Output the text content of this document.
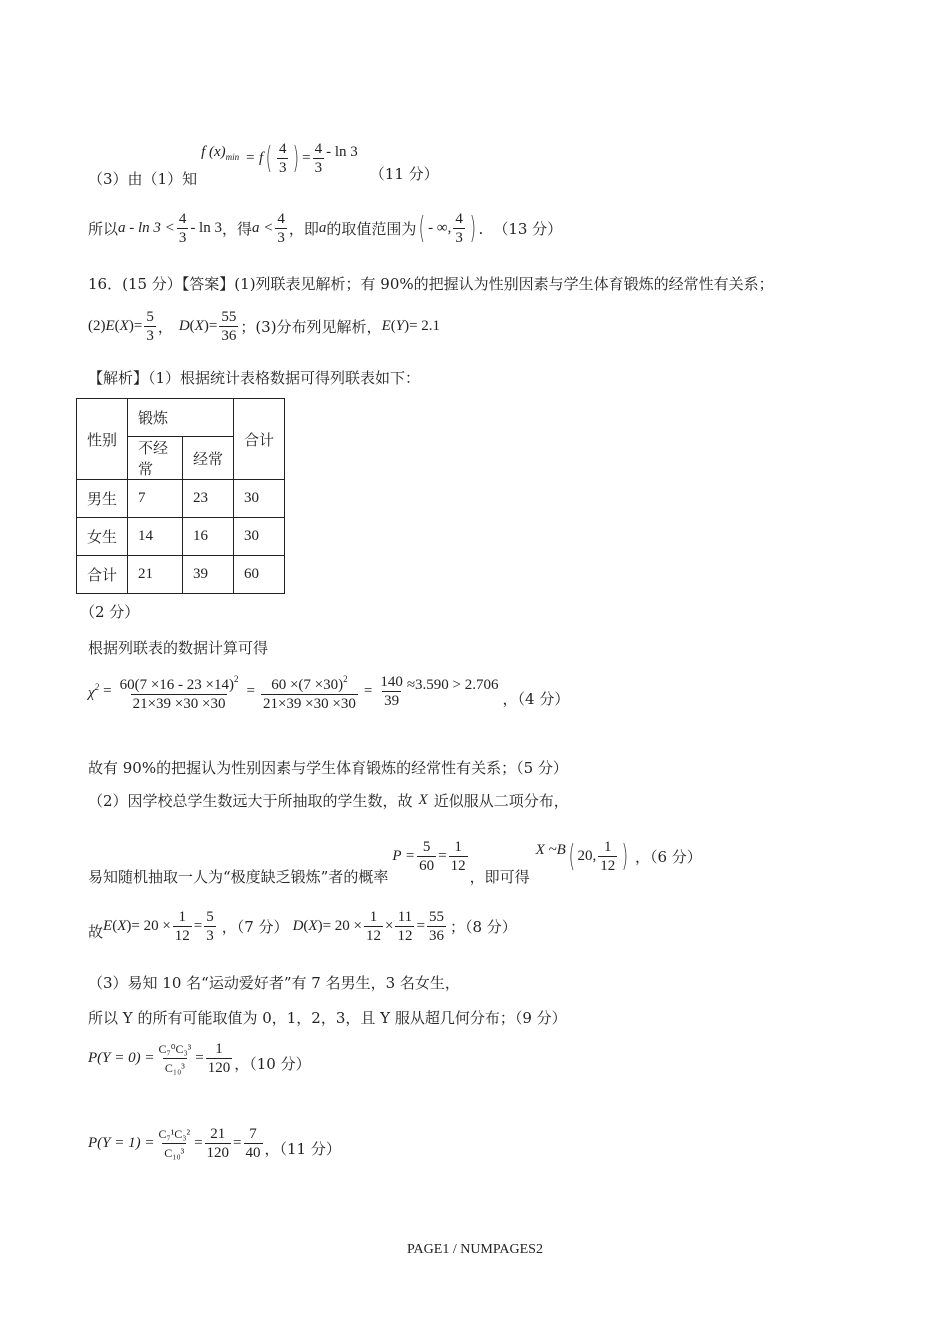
（3）由（1）知
f $(x)_{min} = f$ ( $\frac{4}{3}$ ) = $\frac{4}{3}$ - ln 3
（11 分）
所以 $a - \ln 3 < \frac{4}{3} - \ln 3$ ，得 $a < \frac{4}{3}$ ，即 a 的取值范围为 ( - ∞, $\frac{4}{3}$ ) . （13 分）
16．(15 分）【答案】(1)列联表见解析；有 90%的把握认为性别因素与学生体育锻炼的经常性有关系；
(2) E ( X ) = $\frac{5}{3}$ ， D ( X ) = $\frac{55}{36}$ ；(3)分布列见解析， E ( Y ) = 2.1
【解析】（1）根据统计表格数据可得列联表如下：
性别	锻炼		合计
	不经常	经常	
男生	7	23	30
女生	14	16	30
合计	21	39	60
（2 分）
根据列联表的数据计算可得
$\chi^2 = \frac{60(7 \times 16 - 23 \times 14)^2}{21\times 39 \times 30 \times 30} = \frac{60 \times(7 \times 30)^2}{21\times 39 \times 30 \times 30} = \frac{140}{39} \approx 3.590 > 2.706$
，（4 分）
故有 90%的把握认为性别因素与学生体育锻炼的经常性有关系；（5 分）
（2）因学校总学生数远大于所抽取的学生数，故 X 近似服从二项分布，
易知随机抽取一人为“极度缺乏锻炼”者的概率
$P = \frac{5}{60} = \frac{1}{12}$
，即可得
X ~B ( 20, $\frac{1}{12}$ ) ，（6 分）
故 E ( X ) = $20 \times \frac{1}{12} = \frac{5}{3}$ ，（7 分） D ( X ) = $20 \times \frac{1}{12} \times \frac{11}{12} = \frac{55}{36}$ ；（8 分）
（3）易知 10 名“运动爱好者”有 7 名男生，3 名女生，
所以 Y 的所有可能取值为 0，1，2，3，且 Y 服从超几何分布；（9 分）
$P(Y = 0) = \frac{\text{C₇⁰C₃³}}{\text{C₁₀³}} = \frac{1}{120}$ ，（10 分）
$P(Y = 1) = \frac{\text{C₇¹C₃²}}{\text{C₁₀³}} = \frac{21}{120} = \frac{7}{40}$ ，（11 分）
PAGE1 / NUMPAGES2
